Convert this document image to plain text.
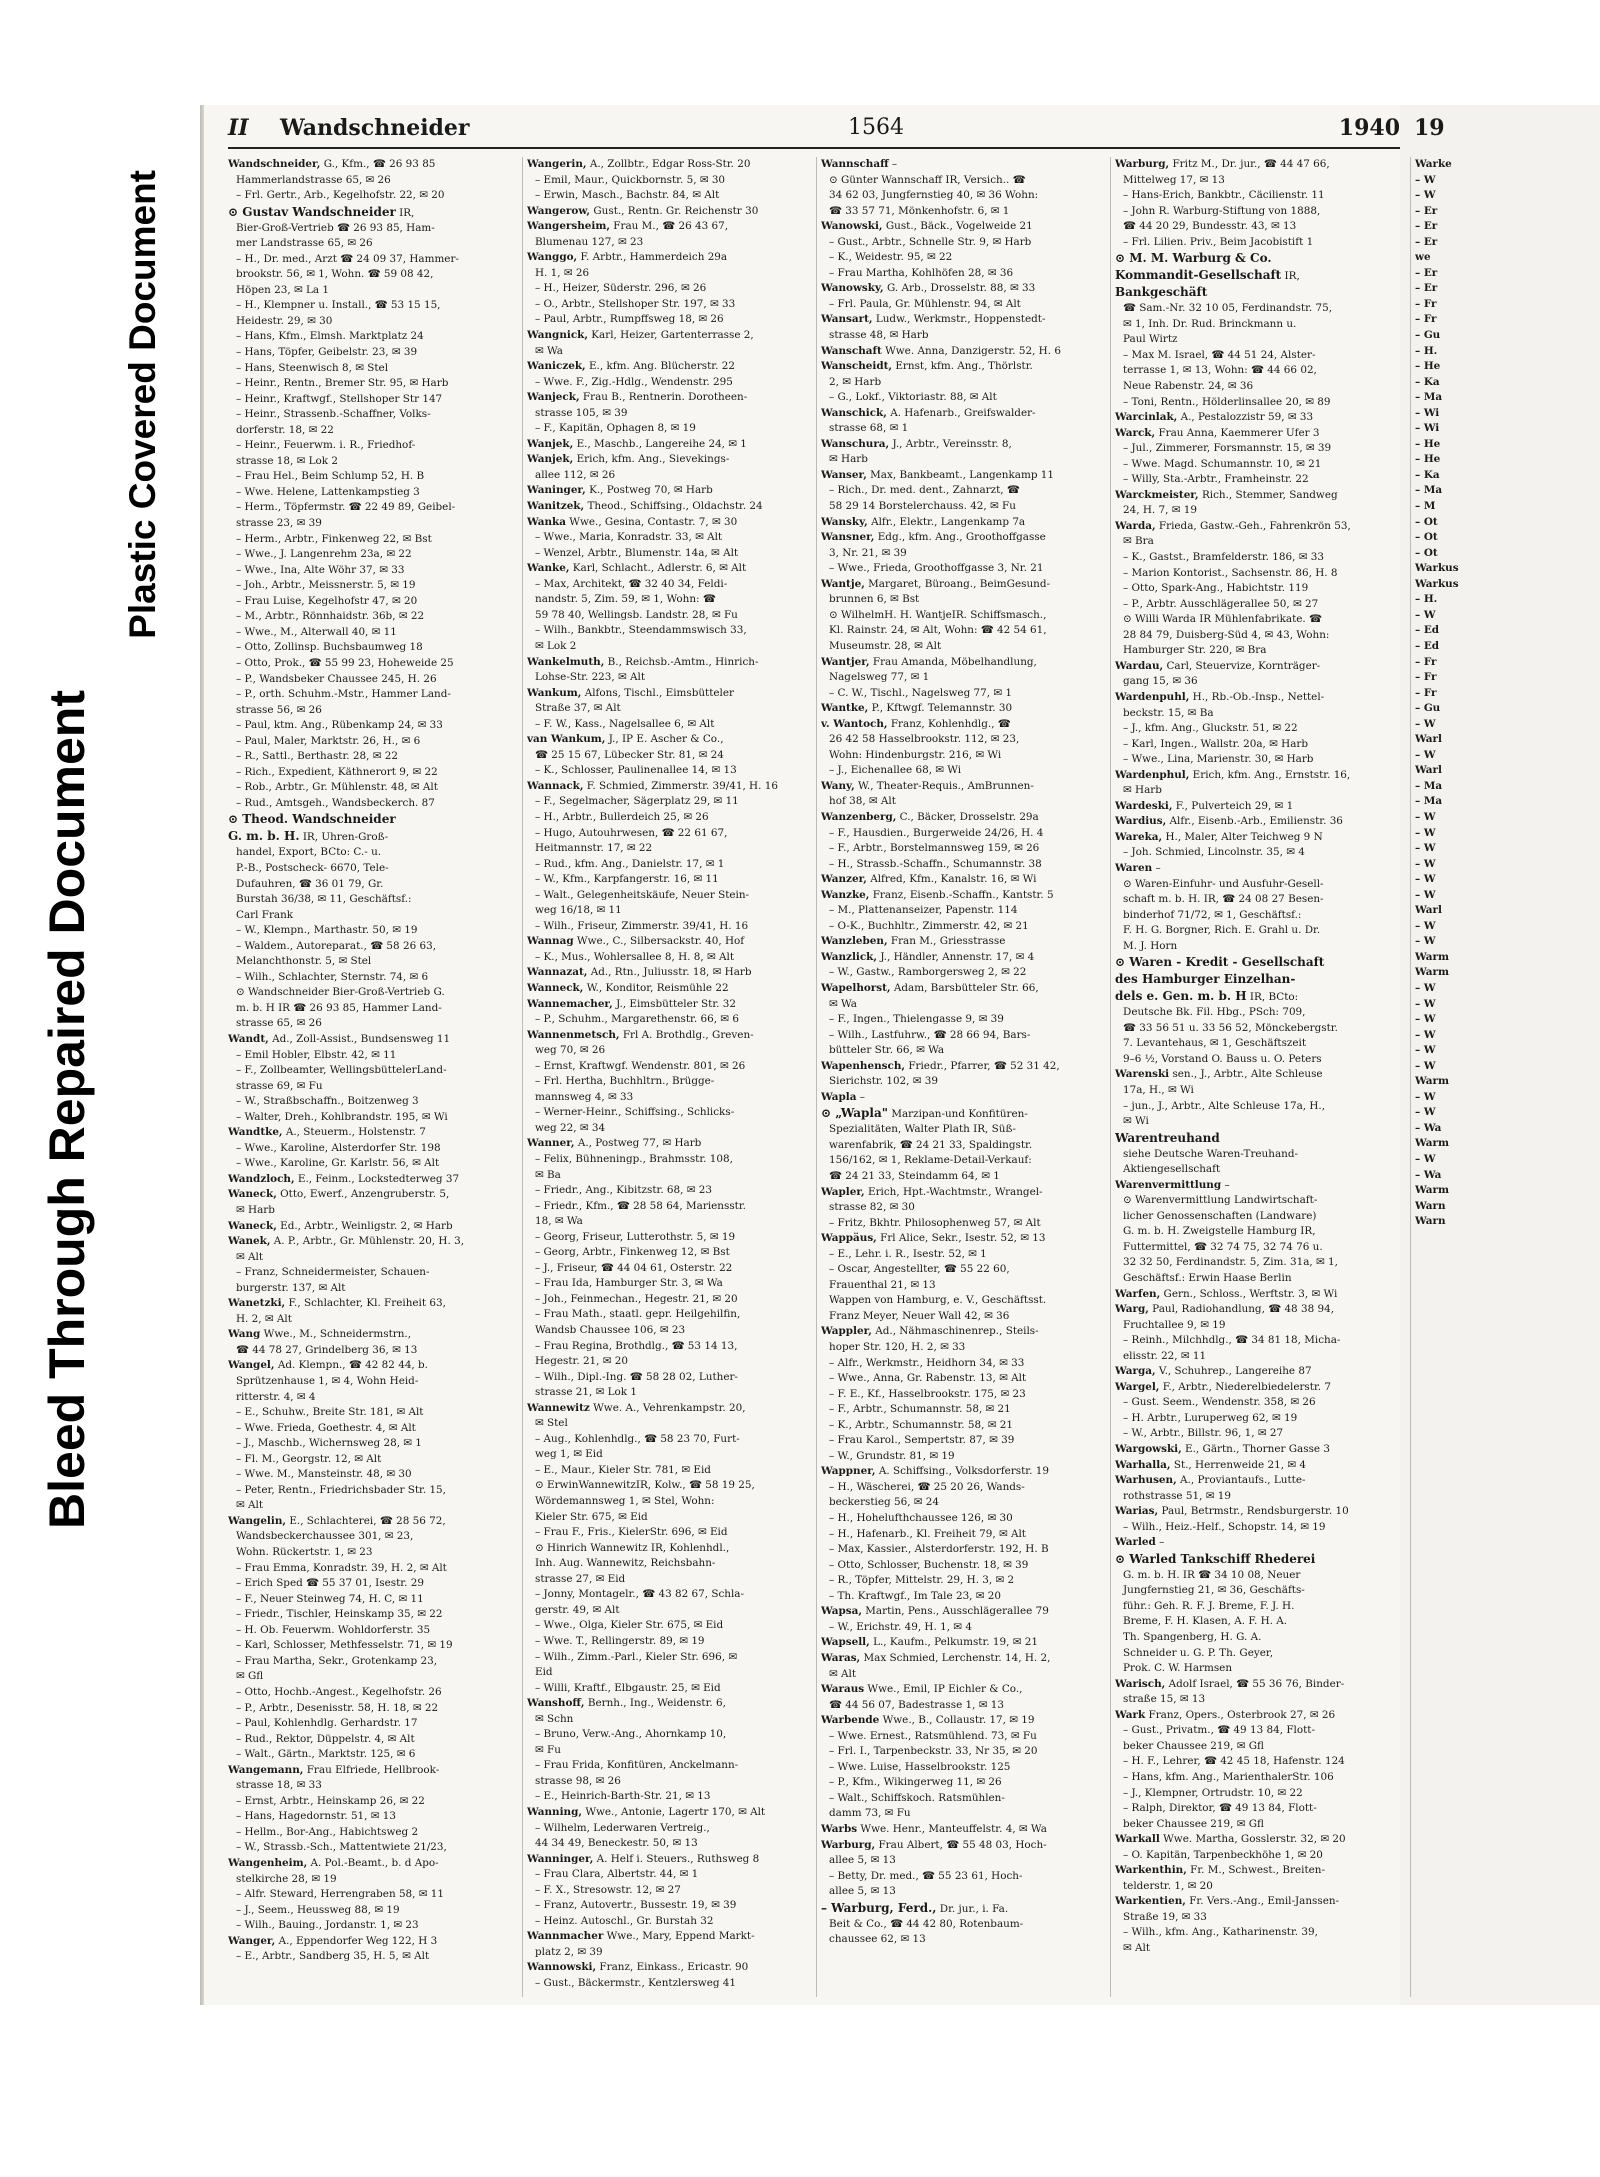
Bleed Through Repaired Document
Plastic Covered Document
II Wandschneider	1564	1940
Wandschneider, G., Kfm., ☎ 26 93 85
Hammerlandstrasse 65, ✉ 26
– Frl. Gertr., Arb., Kegelhofstr. 22, ✉ 20
⊙ Gustav Wandschneider IR,
Bier-Groß-Vertrieb ☎ 26 93 85, Ham-
mer Landstrasse 65, ✉ 26
– H., Dr. med., Arzt ☎ 24 09 37, Hammer-
brookstr. 56, ✉ 1, Wohn. ☎ 59 08 42,
Höpen 23, ✉ La 1
– H., Klempner u. Install., ☎ 53 15 15,
Heidestr. 29, ✉ 30
– Hans, Kfm., Elmsh. Marktplatz 24
– Hans, Töpfer, Geibelstr. 23, ✉ 39
– Hans, Steenwisch 8, ✉ Stel
– Heinr., Rentn., Bremer Str. 95, ✉ Harb
– Heinr., Kraftwgf., Stellshoper Str 147
– Heinr., Strassenb.-Schaffner, Volks-
dorferstr. 18, ✉ 22
– Heinr., Feuerwm. i. R., Friedhof-
strasse 18, ✉ Lok 2
– Frau Hel., Beim Schlump 52, H. B
– Wwe. Helene, Lattenkampstieg 3
– Herm., Töpfermstr. ☎ 22 49 89, Geibel-
strasse 23, ✉ 39
– Herm., Arbtr., Finkenweg 22, ✉ Bst
– Wwe., J. Langenrehm 23a, ✉ 22
– Wwe., Ina, Alte Wöhr 37, ✉ 33
– Joh., Arbtr., Meissnerstr. 5, ✉ 19
– Frau Luise, Kegelhofstr 47, ✉ 20
– M., Arbtr., Rönnhaidstr. 36b, ✉ 22
– Wwe., M., Alterwall 40, ✉ 11
– Otto, Zollinsp. Buchsbaumweg 18
– Otto, Prok., ☎ 55 99 23, Hoheweide 25
– P., Wandsbeker Chaussee 245, H. 26
– P., orth. Schuhm.-Mstr., Hammer Land-
strasse 56, ✉ 26
– Paul, ktm. Ang., Rübenkamp 24, ✉ 33
– Paul, Maler, Marktstr. 26, H., ✉ 6
– R., Sattl., Berthastr. 28, ✉ 22
– Rich., Expedient, Käthnerort 9, ✉ 22
– Rob., Arbtr., Gr. Mühlenstr. 48, ✉ Alt
– Rud., Amtsgeh., Wandsbeckerch. 87
⊙ Theod. Wandschneider
G. m. b. H. IR, Uhren-Groß-
handel, Export, BCto: C.- u.
P.-B., Postscheck- 6670, Tele-
Dufauhren, ☎ 36 01 79, Gr.
Burstah 36/38, ✉ 11, Geschäftsf.:
Carl Frank
– W., Klempn., Marthastr. 50, ✉ 19
– Waldem., Autoreparat., ☎ 58 26 63,
Melanchthonstr. 5, ✉ Stel
– Wilh., Schlachter, Sternstr. 74, ✉ 6
⊙ Wandschneider Bier-Groß-Vertrieb G.
m. b. H IR ☎ 26 93 85, Hammer Land-
strasse 65, ✉ 26
Wandt, Ad., Zoll-Assist., Bundsensweg 11
– Emil Hobler, Elbstr. 42, ✉ 11
– F., Zollbeamter, WellingsbüttelerLand-
strasse 69, ✉ Fu
– W., Straßbschaffn., Boitzenweg 3
– Walter, Dreh., Kohlbrandstr. 195, ✉ Wi
Wandtke, A., Steuerm., Holstenstr. 7
– Wwe., Karoline, Alsterdorfer Str. 198
– Wwe., Karoline, Gr. Karlstr. 56, ✉ Alt
Wandzloch, E., Feinm., Lockstedterweg 37
Waneck, Otto, Ewerf., Anzengruberstr. 5,
✉ Harb
Waneck, Ed., Arbtr., Weinligstr. 2, ✉ Harb
Wanek, A. P., Arbtr., Gr. Mühlenstr. 20, H. 3,
✉ Alt
– Franz, Schneidermeister, Schauen-
burgerstr. 137, ✉ Alt
Wanetzki, F., Schlachter, Kl. Freiheit 63,
H. 2, ✉ Alt
Wang Wwe., M., Schneidermstrn.,
☎ 44 78 27, Grindelberg 36, ✉ 13
Wangel, Ad. Klempn., ☎ 42 82 44, b.
Sprützenhause 1, ✉ 4, Wohn Heid-
ritterstr. 4, ✉ 4
– E., Schuhw., Breite Str. 181, ✉ Alt
– Wwe. Frieda, Goethestr. 4, ✉ Alt
– J., Maschb., Wichernsweg 28, ✉ 1
– Fl. M., Georgstr. 12, ✉ Alt
– Wwe. M., Mansteinstr. 48, ✉ 30
– Peter, Rentn., Friedrichsbader Str. 15,
✉ Alt
Wangelin, E., Schlachterei, ☎ 28 56 72,
Wandsbeckerchaussee 301, ✉ 23,
Wohn. Rückertstr. 1, ✉ 23
– Frau Emma, Konradstr. 39, H. 2, ✉ Alt
– Erich Sped ☎ 55 37 01, Isestr. 29
– F., Neuer Steinweg 74, H. C, ✉ 11
– Friedr., Tischler, Heinskamp 35, ✉ 22
– H. Ob. Feuerwm. Wohldorferstr. 35
– Karl, Schlosser, Methfesselstr. 71, ✉ 19
– Frau Martha, Sekr., Grotenkamp 23,
✉ Gfl
– Otto, Hochb.-Angest., Kegelhofstr. 26
– P., Arbtr., Desenisstr. 58, H. 18, ✉ 22
– Paul, Kohlenhdlg. Gerhardstr. 17
– Rud., Rektor, Düppelstr. 4, ✉ Alt
– Walt., Gärtn., Marktstr. 125, ✉ 6
Wangemann, Frau Elfriede, Hellbrook-
strasse 18, ✉ 33
– Ernst, Arbtr., Heinskamp 26, ✉ 22
– Hans, Hagedornstr. 51, ✉ 13
– Hellm., Bor-Ang., Habichtsweg 2
– W., Strassb.-Sch., Mattentwiete 21/23,
Wangenheim, A. Pol.-Beamt., b. d Apo-
stelkirche 28, ✉ 19
– Alfr. Steward, Herrengraben 58, ✉ 11
– J., Seem., Heussweg 88, ✉ 19
– Wilh., Bauing., Jordanstr. 1, ✉ 23
Wanger, A., Eppendorfer Weg 122, H 3
– E., Arbtr., Sandberg 35, H. 5, ✉ Alt
Wangerin, A., Zollbtr., Edgar Ross-Str. 20
– Emil, Maur., Quickbornstr. 5, ✉ 30
– Erwin, Masch., Bachstr. 84, ✉ Alt
Wangerow, Gust., Rentn. Gr. Reichenstr 30
Wangersheim, Frau M., ☎ 26 43 67,
Blumenau 127, ✉ 23
Wanggo, F. Arbtr., Hammerdeich 29a
H. 1, ✉ 26
– H., Heizer, Süderstr. 296, ✉ 26
– O., Arbtr., Stellshoper Str. 197, ✉ 33
– Paul, Arbtr., Rumpffsweg 18, ✉ 26
Wangnick, Karl, Heizer, Gartenterrasse 2,
✉ Wa
Waniczek, E., kfm. Ang. Blücherstr. 22
– Wwe. F., Zig.-Hdlg., Wendenstr. 295
Wanjeck, Frau B., Rentnerin. Dorotheen-
strasse 105, ✉ 39
– F., Kapitän, Ophagen 8, ✉ 19
Wanjek, E., Maschb., Langereihe 24, ✉ 1
Wanjek, Erich, kfm. Ang., Sievekings-
allee 112, ✉ 26
Waninger, K., Postweg 70, ✉ Harb
Wanitzek, Theod., Schiffsing., Oldachstr. 24
Wanka Wwe., Gesina, Contastr. 7, ✉ 30
– Wwe., Maria, Konradstr. 33, ✉ Alt
– Wenzel, Arbtr., Blumenstr. 14a, ✉ Alt
Wanke, Karl, Schlacht., Adlerstr. 6, ✉ Alt
– Max, Architekt, ☎ 32 40 34, Feldi-
nandstr. 5, Zim. 59, ✉ 1, Wohn: ☎
59 78 40, Wellingsb. Landstr. 28, ✉ Fu
– Wilh., Bankbtr., Steendammswisch 33,
✉ Lok 2
Wankelmuth, B., Reichsb.-Amtm., Hinrich-
Lohse-Str. 223, ✉ Alt
Wankum, Alfons, Tischl., Eimsbütteler
Straße 37, ✉ Alt
– F. W., Kass., Nagelsallee 6, ✉ Alt
van Wankum, J., IP E. Ascher & Co.,
☎ 25 15 67, Lübecker Str. 81, ✉ 24
– K., Schlosser, Paulinenallee 14, ✉ 13
Wannack, F. Schmied, Zimmerstr. 39/41, H. 16
– F., Segelmacher, Sägerplatz 29, ✉ 11
– H., Arbtr., Bullerdeich 25, ✉ 26
– Hugo, Autouhrwesen, ☎ 22 61 67,
Heitmannstr. 17, ✉ 22
– Rud., kfm. Ang., Danielstr. 17, ✉ 1
– W., Kfm., Karpfangerstr. 16, ✉ 11
– Walt., Gelegenheitskäufe, Neuer Stein-
weg 16/18, ✉ 11
– Wilh., Friseur, Zimmerstr. 39/41, H. 16
Wannag Wwe., C., Silbersackstr. 40, Hof
– K., Mus., Wohlersallee 8, H. 8, ✉ Alt
Wannazat, Ad., Rtn., Juliusstr. 18, ✉ Harb
Wanneck, W., Konditor, Reismühle 22
Wannemacher, J., Eimsbütteler Str. 32
– P., Schuhm., Margarethenstr. 66, ✉ 6
Wannenmetsch, Frl A. Brothdlg., Greven-
weg 70, ✉ 26
– Ernst, Kraftwgf. Wendenstr. 801, ✉ 26
– Frl. Hertha, Buchhltrn., Brügge-
mannsweg 4, ✉ 33
– Werner-Heinr., Schiffsing., Schlicks-
weg 22, ✉ 34
Wanner, A., Postweg 77, ✉ Harb
– Felix, Bühneningp., Brahmsstr. 108,
✉ Ba
– Friedr., Ang., Kibitzstr. 68, ✉ 23
– Friedr., Kfm., ☎ 28 58 64, Mariensstr.
18, ✉ Wa
– Georg, Friseur, Lutterothstr. 5, ✉ 19
– Georg, Arbtr., Finkenweg 12, ✉ Bst
– J., Friseur, ☎ 44 04 61, Osterstr. 22
– Frau Ida, Hamburger Str. 3, ✉ Wa
– Joh., Feinmechan., Hegestr. 21, ✉ 20
– Frau Math., staatl. gepr. Heilgehilfin,
Wandsb Chaussee 106, ✉ 23
– Frau Regina, Brothdlg., ☎ 53 14 13,
Hegestr. 21, ✉ 20
– Wilh., Dipl.-Ing. ☎ 58 28 02, Luther-
strasse 21, ✉ Lok 1
Wannewitz Wwe. A., Vehrenkampstr. 20,
✉ Stel
– Aug., Kohlenhdlg., ☎ 58 23 70, Furt-
weg 1, ✉ Eid
– E., Maur., Kieler Str. 781, ✉ Eid
⊙ ErwinWannewitzIR, Kolw., ☎ 58 19 25,
Wördemannsweg 1, ✉ Stel, Wohn:
Kieler Str. 675, ✉ Eid
– Frau F., Fris., KielerStr. 696, ✉ Eid
⊙ Hinrich Wannewitz IR, Kohlenhdl.,
Inh. Aug. Wannewitz, Reichsbahn-
strasse 27, ✉ Eid
– Jonny, Montagelr., ☎ 43 82 67, Schla-
gerstr. 49, ✉ Alt
– Wwe., Olga, Kieler Str. 675, ✉ Eid
– Wwe. T., Rellingerstr. 89, ✉ 19
– Wilh., Zimm.-Parl., Kieler Str. 696, ✉
Eid
– Willi, Kraftf., Elbgaustr. 25, ✉ Eid
Wanshoff, Bernh., Ing., Weidenstr. 6,
✉ Schn
– Bruno, Verw.-Ang., Ahornkamp 10,
✉ Fu
– Frau Frida, Konfitüren, Anckelmann-
strasse 98, ✉ 26
– E., Heinrich-Barth-Str. 21, ✉ 13
Wanning, Wwe., Antonie, Lagertr 170, ✉ Alt
– Wilhelm, Lederwaren Vertreig.,
44 34 49, Beneckestr. 50, ✉ 13
Wanninger, A. Helf i. Steuers., Ruthsweg 8
– Frau Clara, Albertstr. 44, ✉ 1
– F. X., Stresowstr. 12, ✉ 27
– Franz, Autovertr., Bussestr. 19, ✉ 39
– Heinz. Autoschl., Gr. Burstah 32
Wannmacher Wwe., Mary, Eppend Markt-
platz 2, ✉ 39
Wannowski, Franz, Einkass., Ericastr. 90
– Gust., Bäckermstr., Kentzlersweg 41
Wannschaff –
⊙ Günter Wannschaff IR, Versich.. ☎
34 62 03, Jungfernstieg 40, ✉ 36 Wohn:
☎ 33 57 71, Mönkenhofstr. 6, ✉ 1
Wanowski, Gust., Bäck., Vogelweide 21
– Gust., Arbtr., Schnelle Str. 9, ✉ Harb
– K., Weidestr. 95, ✉ 22
– Frau Martha, Kohlhöfen 28, ✉ 36
Wanowsky, G. Arb., Drosselstr. 88, ✉ 33
– Frl. Paula, Gr. Mühlenstr. 94, ✉ Alt
Wansart, Ludw., Werkmstr., Hoppenstedt-
strasse 48, ✉ Harb
Wanschaft Wwe. Anna, Danzigerstr. 52, H. 6
Wanscheidt, Ernst, kfm. Ang., Thörlstr.
2, ✉ Harb
– G., Lokf., Viktoriastr. 88, ✉ Alt
Wanschick, A. Hafenarb., Greifswalder-
strasse 68, ✉ 1
Wanschura, J., Arbtr., Vereinsstr. 8,
✉ Harb
Wanser, Max, Bankbeamt., Langenkamp 11
– Rich., Dr. med. dent., Zahnarzt, ☎
58 29 14 Borstelerchauss. 42, ✉ Fu
Wansky, Alfr., Elektr., Langenkamp 7a
Wansner, Edg., kfm. Ang., Groothoffgasse
3, Nr. 21, ✉ 39
– Wwe., Frieda, Groothoffgasse 3, Nr. 21
Wantje, Margaret, Büroang., BeimGesund-
brunnen 6, ✉ Bst
⊙ WilhelmH. H. WantjeIR. Schiffsmasch.,
Kl. Rainstr. 24, ✉ Alt, Wohn: ☎ 42 54 61,
Museumstr. 28, ✉ Alt
Wantjer, Frau Amanda, Möbelhandlung,
Nagelsweg 77, ✉ 1
– C. W., Tischl., Nagelsweg 77, ✉ 1
Wantke, P., Kftwgf. Telemannstr. 30
v. Wantoch, Franz, Kohlenhdlg., ☎
26 42 58 Hasselbrookstr. 112, ✉ 23,
Wohn: Hindenburgstr. 216, ✉ Wi
– J., Eichenallee 68, ✉ Wi
Wany, W., Theater-Requis., AmBrunnen-
hof 38, ✉ Alt
Wanzenberg, C., Bäcker, Drosselstr. 29a
– F., Hausdien., Burgerweide 24/26, H. 4
– F., Arbtr., Borstelmannsweg 159, ✉ 26
– H., Strassb.-Schaffn., Schumannstr. 38
Wanzer, Alfred, Kfm., Kanalstr. 16, ✉ Wi
Wanzke, Franz, Eisenb.-Schaffn., Kantstr. 5
– M., Plattenanseizer, Papenstr. 114
– O-K., Buchhltr., Zimmerstr. 42, ✉ 21
Wanzleben, Fran M., Griesstrasse
Wanzlick, J., Händler, Annenstr. 17, ✉ 4
– W., Gastw., Ramborgersweg 2, ✉ 22
Wapelhorst, Adam, Barsbütteler Str. 66,
✉ Wa
– F., Ingen., Thielengasse 9, ✉ 39
– Wilh., Lastfuhrw., ☎ 28 66 94, Bars-
bütteler Str. 66, ✉ Wa
Wapenhensch, Friedr., Pfarrer, ☎ 52 31 42,
Sierichstr. 102, ✉ 39
Wapla –
⊙ „Wapla" Marzipan-und Konfitüren-
Spezialitäten, Walter Plath IR, Süß-
warenfabrik, ☎ 24 21 33, Spaldingstr.
156/162, ✉ 1, Reklame-Detail-Verkauf:
☎ 24 21 33, Steindamm 64, ✉ 1
Wapler, Erich, Hpt.-Wachtmstr., Wrangel-
strasse 82, ✉ 30
– Fritz, Bkhtr. Philosophenweg 57, ✉ Alt
Wappäus, Frl Alice, Sekr., Isestr. 52, ✉ 13
– E., Lehr. i. R., Isestr. 52, ✉ 1
– Oscar, Angestellter, ☎ 55 22 60,
Frauenthal 21, ✉ 13
Wappen von Hamburg, e. V., Geschäftsst.
Franz Meyer, Neuer Wall 42, ✉ 36
Wappler, Ad., Nähmaschinenrep., Steils-
hoper Str. 120, H. 2, ✉ 33
– Alfr., Werkmstr., Heidhorn 34, ✉ 33
– Wwe., Anna, Gr. Rabenstr. 13, ✉ Alt
– F. E., Kf., Hasselbrookstr. 175, ✉ 23
– F., Arbtr., Schumannstr. 58, ✉ 21
– K., Arbtr., Schumannstr. 58, ✉ 21
– Frau Karol., Sempertstr. 87, ✉ 39
– W., Grundstr. 81, ✉ 19
Wappner, A. Schiffsing., Volksdorferstr. 19
– H., Wäscherei, ☎ 25 20 26, Wands-
beckerstieg 56, ✉ 24
– H., Hohelufthchaussee 126, ✉ 30
– H., Hafenarb., Kl. Freiheit 79, ✉ Alt
– Max, Kassier., Alsterdorferstr. 192, H. B
– Otto, Schlosser, Buchenstr. 18, ✉ 39
– R., Töpfer, Mittelstr. 29, H. 3, ✉ 2
– Th. Kraftwgf., Im Tale 23, ✉ 20
Wapsa, Martin, Pens., Ausschlägerallee 79
– W., Erichstr. 49, H. 1, ✉ 4
Wapsell, L., Kaufm., Pelkumstr. 19, ✉ 21
Waras, Max Schmied, Lerchenstr. 14, H. 2,
✉ Alt
Waraus Wwe., Emil, IP Eichler & Co.,
☎ 44 56 07, Badestrasse 1, ✉ 13
Warbende Wwe., B., Collaustr. 17, ✉ 19
– Wwe. Ernest., Ratsmühlend. 73, ✉ Fu
– Frl. I., Tarpenbeckstr. 33, Nr 35, ✉ 20
– Wwe. Luise, Hasselbrookstr. 125
– P., Kfm., Wikingerweg 11, ✉ 26
– Walt., Schiffskoch. Ratsmühlen-
damm 73, ✉ Fu
Warbs Wwe. Henr., Manteuffelstr. 4, ✉ Wa
Warburg, Frau Albert, ☎ 55 48 03, Hoch-
allee 5, ✉ 13
– Betty, Dr. med., ☎ 55 23 61, Hoch-
allee 5, ✉ 13
– Warburg, Ferd., Dr. jur., i. Fa.
Beit & Co., ☎ 44 42 80, Rotenbaum-
chaussee 62, ✉ 13
Warburg, Fritz M., Dr. jur., ☎ 44 47 66,
Mittelweg 17, ✉ 13
– Hans-Erich, Bankbtr., Cäcilienstr. 11
– John R. Warburg-Stiftung von 1888,
☎ 44 20 29, Bundesstr. 43, ✉ 13
– Frl. Lilien. Priv., Beim Jacobistift 1
⊙ M. M. Warburg & Co.
Kommandit-Gesellschaft IR,
Bankgeschäft
☎ Sam.-Nr. 32 10 05, Ferdinandstr. 75,
✉ 1, Inh. Dr. Rud. Brinckmann u.
Paul Wirtz
– Max M. Israel, ☎ 44 51 24, Alster-
terrasse 1, ✉ 13, Wohn: ☎ 44 66 02,
Neue Rabenstr. 24, ✉ 36
– Toni, Rentn., Hölderlinsallee 20, ✉ 89
Warcinlak, A., Pestalozzistr 59, ✉ 33
Warck, Frau Anna, Kaemmerer Ufer 3
– Jul., Zimmerer, Forsmannstr. 15, ✉ 39
– Wwe. Magd. Schumannstr. 10, ✉ 21
– Willy, Sta.-Arbtr., Framheinstr. 22
Warckmeister, Rich., Stemmer, Sandweg
24, H. 7, ✉ 19
Warda, Frieda, Gastw.-Geh., Fahrenkrön 53,
✉ Bra
– K., Gastst., Bramfelderstr. 186, ✉ 33
– Marion Kontorist., Sachsenstr. 86, H. 8
– Otto, Spark-Ang., Habichtstr. 119
– P., Arbtr. Ausschlägerallee 50, ✉ 27
⊙ Willi Warda IR Mühlenfabrikate. ☎
28 84 79, Duisberg-Süd 4, ✉ 43, Wohn:
Hamburger Str. 220, ✉ Bra
Wardau, Carl, Steuervize, Kornträger-
gang 15, ✉ 36
Wardenpuhl, H., Rb.-Ob.-Insp., Nettel-
beckstr. 15, ✉ Ba
– J., kfm. Ang., Gluckstr. 51, ✉ 22
– Karl, Ingen., Wallstr. 20a, ✉ Harb
– Wwe., Lina, Marienstr. 30, ✉ Harb
Wardenphul, Erich, kfm. Ang., Ernststr. 16,
✉ Harb
Wardeski, F., Pulverteich 29, ✉ 1
Wardius, Alfr., Eisenb.-Arb., Emilienstr. 36
Wareka, H., Maler, Alter Teichweg 9 N
– Joh. Schmied, Lincolnstr. 35, ✉ 4
Waren –
⊙ Waren-Einfuhr- und Ausfuhr-Gesell-
schaft m. b. H. IR, ☎ 24 08 27 Besen-
binderhof 71/72, ✉ 1, Geschäftsf.:
F. H. G. Borgner, Rich. E. Grahl u. Dr.
M. J. Horn
⊙ Waren - Kredit - Gesellschaft
des Hamburger Einzelhan-
dels e. Gen. m. b. H IR, BCto:
Deutsche Bk. Fil. Hbg., PSch: 709,
☎ 33 56 51 u. 33 56 52, Mönckebergstr.
7. Levantehaus, ✉ 1, Geschäftszeit
9–6 ½, Vorstand O. Bauss u. O. Peters
Warenski sen., J., Arbtr., Alte Schleuse
17a, H., ✉ Wi
– jun., J., Arbtr., Alte Schleuse 17a, H.,
✉ Wi
Warentreuhand
siehe Deutsche Waren-Treuhand-
Aktiengesellschaft
Warenvermittlung –
⊙ Warenvermittlung Landwirtschaft-
licher Genossenschaften (Landware)
G. m. b. H. Zweigstelle Hamburg IR,
Futtermittel, ☎ 32 74 75, 32 74 76 u.
32 32 50, Ferdinandstr. 5, Zim. 31a, ✉ 1,
Geschäftsf.: Erwin Haase Berlin
Warfen, Gern., Schloss., Werftstr. 3, ✉ Wi
Warg, Paul, Radiohandlung, ☎ 48 38 94,
Fruchtallee 9, ✉ 19
– Reinh., Milchhdlg., ☎ 34 81 18, Micha-
elisstr. 22, ✉ 11
Warga, V., Schuhrep., Langereihe 87
Wargel, F., Arbtr., Niederelbiedelerstr. 7
– Gust. Seem., Wendenstr. 358, ✉ 26
– H. Arbtr., Luruperweg 62, ✉ 19
– W., Arbtr., Billstr. 96, 1, ✉ 27
Wargowski, E., Gärtn., Thorner Gasse 3
Warhalla, St., Herrenweide 21, ✉ 4
Warhusen, A., Proviantaufs., Lutte-
rothstrasse 51, ✉ 19
Warias, Paul, Betrmstr., Rendsburgerstr. 10
– Wilh., Heiz.-Helf., Schopstr. 14, ✉ 19
Warled –
⊙ Warled Tankschiff Rhederei
G. m. b. H. IR ☎ 34 10 08, Neuer
Jungfernstieg 21, ✉ 36, Geschäfts-
führ.: Geh. R. F. J. Breme, F. J. H.
Breme, F. H. Klasen, A. F. H. A.
Th. Spangenberg, H. G. A.
Schneider u. G. P. Th. Geyer,
Prok. C. W. Harmsen
Warisch, Adolf Israel, ☎ 55 36 76, Binder-
straße 15, ✉ 13
Wark Franz, Opers., Osterbrook 27, ✉ 26
– Gust., Privatm., ☎ 49 13 84, Flott-
beker Chaussee 219, ✉ Gfl
– H. F., Lehrer, ☎ 42 45 18, Hafenstr. 124
– Hans, kfm. Ang., MarienthalerStr. 106
– J., Klempner, Ortrudstr. 10, ✉ 22
– Ralph, Direktor, ☎ 49 13 84, Flott-
beker Chaussee 219, ✉ Gfl
Warkall Wwe. Martha, Gosslerstr. 32, ✉ 20
– O. Kapitän, Tarpenbeckhöhe 1, ✉ 20
Warkenthin, Fr. M., Schwest., Breiten-
telderstr. 1, ✉ 20
Warkentien, Fr. Vers.-Ang., Emil-Janssen-
Straße 19, ✉ 33
– Wilh., kfm. Ang., Katharinenstr. 39,
✉ Alt
19
Warke
– W
– W
– Er
– Er
– Er
we
– Er
– Er
– Fr
– Fr
– Gu
– H.
– He
– Ka
– Ma
– Wi
– Wi
– He
– He
– Ka
– Ma
– M
– Ot
– Ot
– Ot
Warkus
Warkus
– H.
– W
– Ed
– Ed
– Fr
– Fr
– Fr
– Gu
– W
Warl
– W
Warl
– Ma
– Ma
– W
– W
– W
– W
– W
– W
Warl
– W
– W
Warm
Warm
– W
– W
– W
– W
– W
– W
Warm
– W
– W
– Wa
Warm
– W
– Wa
Warm
Warn
Warn
